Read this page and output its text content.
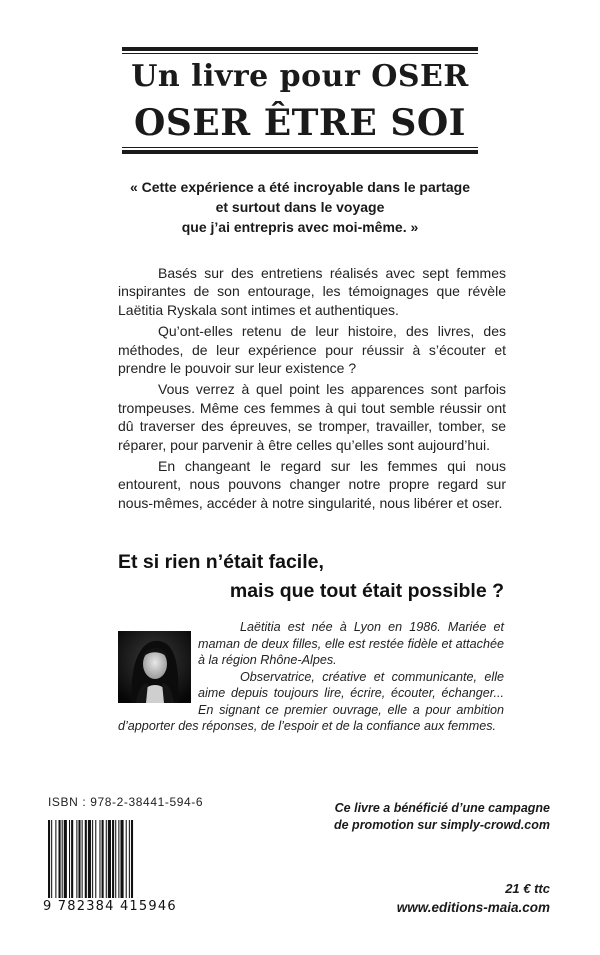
Un livre pour OSER
OSER ÊTRE SOI
« Cette expérience a été incroyable dans le partage
et surtout dans le voyage
que j’ai entrepris avec moi-même. »

Basés sur des entretiens réalisés avec sept femmes inspirantes de son entourage, les témoignages que révèle Laëtitia Ryskala sont intimes et authentiques.

Qu’ont-elles retenu de leur histoire, des livres, des méthodes, de leur expérience pour réussir à s’écouter et prendre le pouvoir sur leur existence ?

Vous verrez à quel point les apparences sont parfois trompeuses. Même ces femmes à qui tout semble réussir ont dû traverser des épreuves, se tromper, travailler, tomber, se réparer, pour parvenir à être celles qu’elles sont aujourd’hui.

En changeant le regard sur les femmes qui nous entourent, nous pouvons changer notre propre regard sur nous-mêmes, accéder à notre singularité, nous libérer et oser.

Et si rien n’était facile,
mais que tout était possible ?

Laëtitia est née à Lyon en 1986. Mariée et maman de deux filles, elle est restée fidèle et attachée à la région Rhône-Alpes.

Observatrice, créative et communicante, elle aime depuis toujours lire, écrire, écouter, échanger... En signant ce premier ouvrage, elle a pour ambition d’apporter des réponses, de l’espoir et de la confiance aux femmes.

ISBN : 978-2-38441-594-6
9 782384 415946
Ce livre a bénéficié d’une campagne
de promotion sur simply-crowd.com
21 € ttc
www.editions-maia.com
